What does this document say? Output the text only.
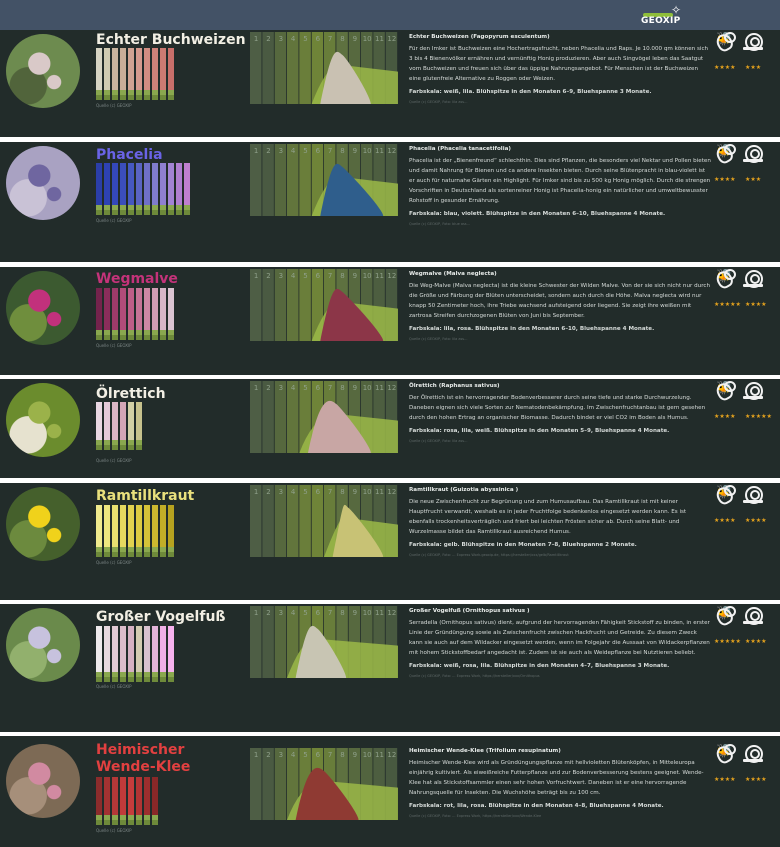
GEOXIP
✧
Echter Buchweizen
Quelle (c) GEOXIP
1 2 3 4 5 6 7 8 9 10 11 12 Echter Buchweizen (Fagopyrum esculentum)

Für den Imker ist Buchweizen eine Hochertragsfrucht, neben Phacelia und Raps. Je 10.000 qm können sich 3 bis 4 Bienenvölker ernähren und vernünftig Honig produzieren. Aber auch Singvögel leben das Saatgut vom Buchweizen und freuen sich über das üppige Nahrungsangebot. Für Menschen ist der Buchweizen eine glutenfreie Alternative zu Roggen oder Weizen.

Farbskala: weiß, lila. Blühspitze in den Monaten 6–9, Bluehspanne 3 Monate.
Quelle (c) GEOXIP, Foto: lila ass...
🐝
★★★★ ★★★
Phacelia
Quelle (c) GEOXIP
1 2 3 4 5 6 7 8 9 10 11 12 Phacelia (Phacelia tanacetifolia)

Phacelia ist der „Bienenfreund“ schlechthin. Dies sind Pflanzen, die besonders viel Nektar und Pollen bieten und damit Nahrung für Bienen und ca andere Insekten bieten. Durch seine Blütenpracht in blau-violett ist er auch für naturnahe Gärten ein Highlight. Für Imker sind bis zu 500 kg Honig möglich. Durch die strengen Vorschriften in Deutschland als sortenreiner Honig ist Phacelia-honig ein natürlicher und umweltbewusster Rohstoff in gesunder Ernährung.

Farbskala: blau, violett. Blühspitze in den Monaten 6–10, Bluehspanne 4 Monate.
Quelle (c) GEOXIP, Foto: blue ass...
🐝
★★★★ ★★★
Wegmalve
Quelle (c) GEOXIP
1 2 3 4 5 6 7 8 9 10 11 12 Wegmalve (Malva neglecta)

Die Weg-Malve (Malva neglecta) ist die kleine Schwester der Wilden Malve. Von der sie sich nicht nur durch die Größe und Färbung der Blüten unterscheidet, sondern auch durch die Höhe. Malva neglecta wird nur knapp 50 Zentimeter hoch, ihre Triebe wachsend aufsteigend oder liegend. Sie zeigt ihre weißen mit zartrosa Streifen durchzogenen Blüten von Juni bis September.

Farbskala: lila, rosa. Blühspitze in den Monaten 6–10, Bluehspanne 4 Monate.
Quelle (c) GEOXIP, Foto: lila ass...
🐝
★★★★★ ★★★★
Ölrettich
Quelle (c) GEOXIP
1 2 3 4 5 6 7 8 9 10 11 12 Ölrettich (Raphanus sativus)

Der Ölrettich ist ein hervorragender Bodenverbesserer durch seine tiefe und starke Durchwurzelung. Daneben eignen sich viele Sorten zur Nematodenbekämpfung. Im Zwischenfruchtanbau ist gern gesehen durch den hohen Ertrag an organischer Biomasse. Dadurch bindet er viel CO2 im Boden als Humus.

Farbskala: rosa, lila, weiß. Blühspitze in den Monaten 5–9, Bluehspanne 4 Monate.
Quelle (c) GEOXIP, Foto: lila ass...
🐝
★★★★ ★★★★★
Ramtillkraut
Quelle (c) GEOXIP
1 2 3 4 5 6 7 8 9 10 11 12 Ramtillkraut (Guizotia abyssinica )

Die neue Zwischenfrucht zur Begrünung und zum Humusaufbau. Das Ramtillkraut ist mit keiner Hauptfrucht verwandt, weshalb es in jeder Fruchtfolge bedenkenlos eingesetzt werden kann. Es ist ebenfalls trockenheitsverträglich und friert bei leichten Frösten sicher ab. Durch seine Blatt- und Wurzelmasse bildet das Ramtillkraut ausreichend Humus.

Farbskala: gelb. Blühspitze in den Monaten 7–8, Bluehspanne 2 Monate.
Quelle (c) GEOXIP, Foto: ... Express Work.geoxip.de, https://hersteller/xxx/gelb/Ramtillkraut
🐝
★★★★ ★★★★
Großer Vogelfuß
Quelle (c) GEOXIP
1 2 3 4 5 6 7 8 9 10 11 12 Großer Vogelfuß (Ornithopus sativus )

Serradella (Ornithopus sativus) dient, aufgrund der hervorragenden Fähigkeit Stickstoff zu binden, in erster Linie der Gründüngung sowie als Zwischenfrucht zwischen Hackfrucht und Getreide. Zu diesem Zweck kann sie auch auf dem Wildacker eingesetzt werden, wenn im Folgejahr die Aussaat von Wildackerpflanzen mit hohem Stickstoffbedarf angedacht ist. Zudem ist sie auch als Weidepflanze bei Nutztieren beliebt.

Farbskala: weiß, rosa, lila. Blühspitze in den Monaten 4–7, Bluehspanne 3 Monate.
Quelle (c) GEOXIP, Foto: ... Express Work, https://hersteller/xxx/Ornithopus
🐝
★★★★★ ★★★★
Heimischer Wende-Klee
Quelle (c) GEOXIP
1 2 3 4 5 6 7 8 9 10 11 12 Heimischer Wende-Klee (Trifolium resupinatum)

Heimischer Wende-Klee wird als Gründüngungspflanze mit hellvioletten Blütenköpfen, in Mitteleuropa einjährig kultiviert. Als eiweißreiche Futterpflanze und zur Bodenverbesserung bestens geeignet. Wende-Klee hat als Stickstoffsammler einen sehr hohen Vorfruchtwert. Daneben ist er eine hervorragende Nahrungsquelle für Insekten. Die Wuchshöhe beträgt bis zu 100 cm.

Farbskala: rot, lila, rosa. Blühspitze in den Monaten 4–8, Bluehspanne 4 Monate.
Quelle (c) GEOXIP, Foto: ... Express Work, https://hersteller/xxx/Wende-Klee
🐝
★★★★ ★★★★
